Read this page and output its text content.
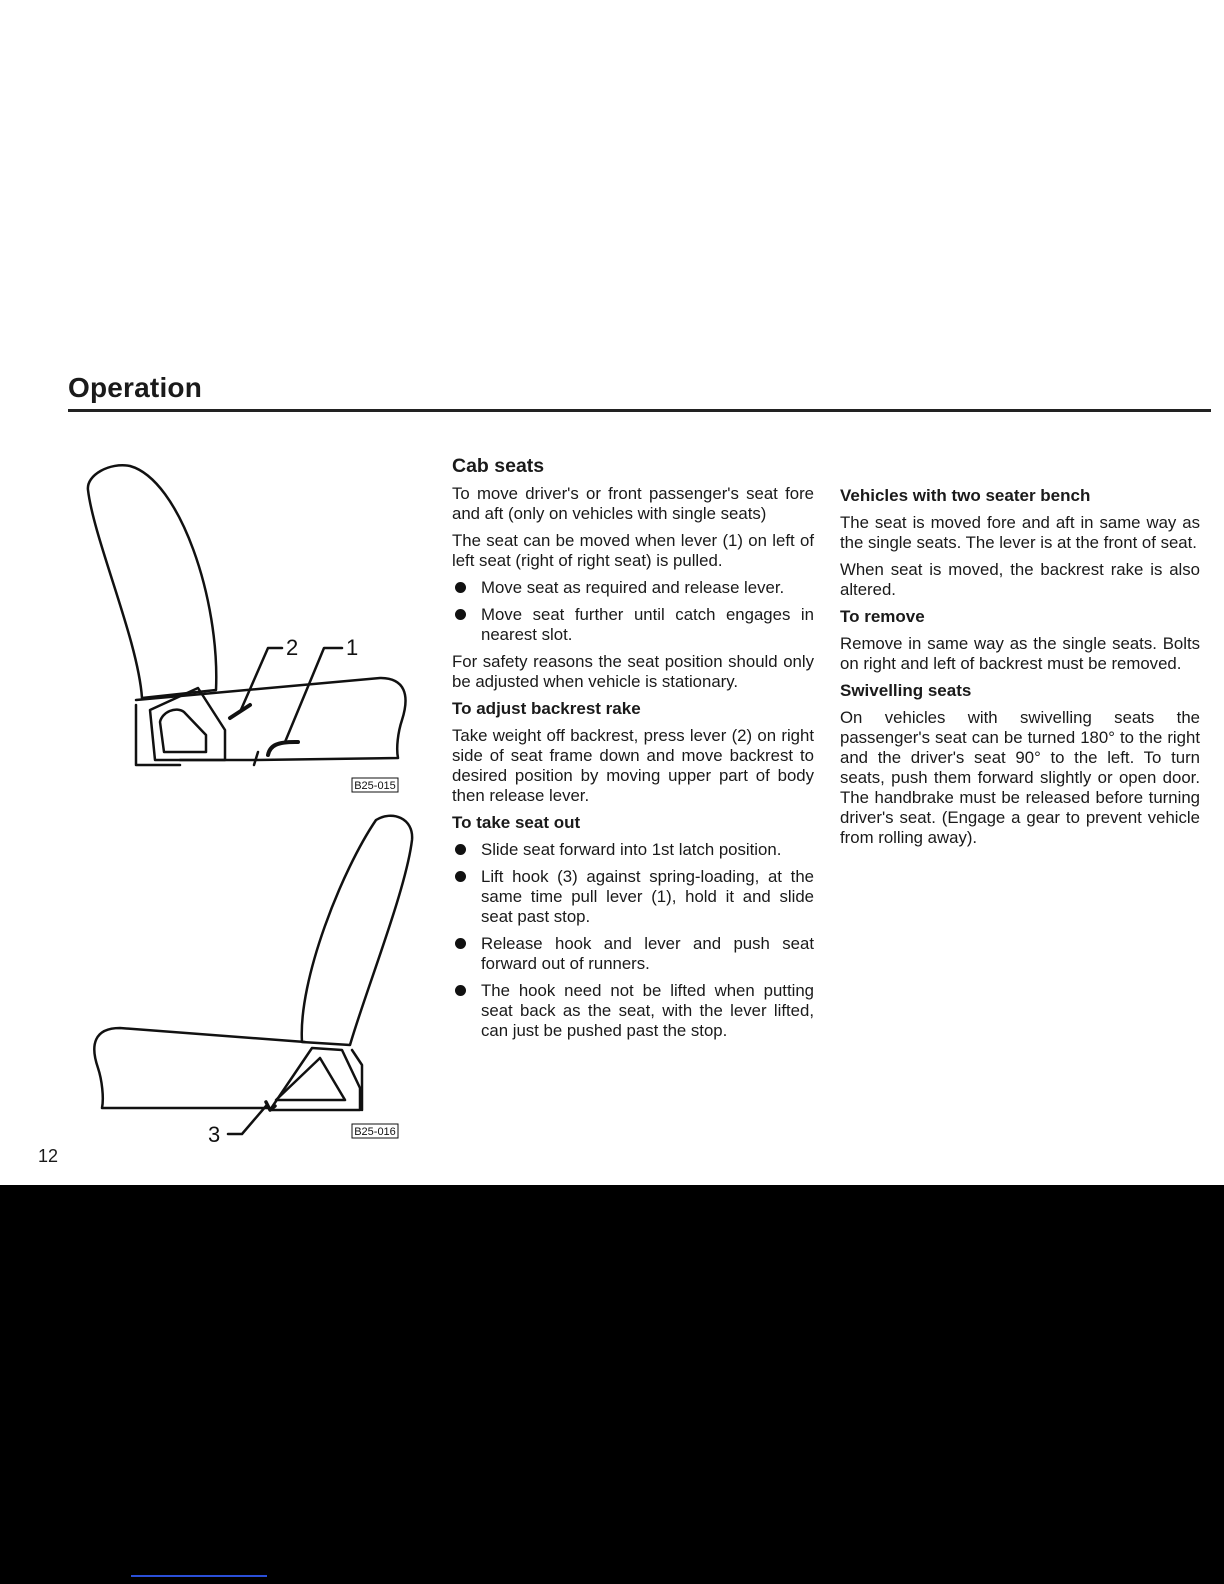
Operation
2 1
B25-015
3	B25-016
12
Cab seats

To move driver's or front passenger's seat fore and aft (only on vehicles with single seats)

The seat can be moved when lever (1) on left of left seat (right of right seat) is pulled.

Move seat as required and release lever.
Move seat further until catch engages in nearest slot.

For safety reasons the seat position should only be adjusted when vehicle is stationary.

To adjust backrest rake

Take weight off backrest, press lever (2) on right side of seat frame down and move backrest to desired position by moving upper part of body then release lever.

To take seat out
Slide seat forward into 1st latch position.
Lift hook (3) against spring-loading, at the same time pull lever (1), hold it and slide seat past stop.
Release hook and lever and push seat forward out of runners.
The hook need not be lifted when putting seat back as the seat, with the lever lifted, can just be pushed past the stop.
Vehicles with two seater bench

The seat is moved fore and aft in same way as the single seats. The lever is at the front of seat.

When seat is moved, the backrest rake is also altered.

To remove

Remove in same way as the single seats. Bolts on right and left of backrest must be removed.

Swivelling seats

On vehicles with swivelling seats the passenger's seat can be turned 180° to the right and the driver's seat 90° to the left. To turn seats, push them forward slightly or open door. The handbrake must be released before turning driver's seat. (Engage a gear to prevent vehicle from rolling away).
